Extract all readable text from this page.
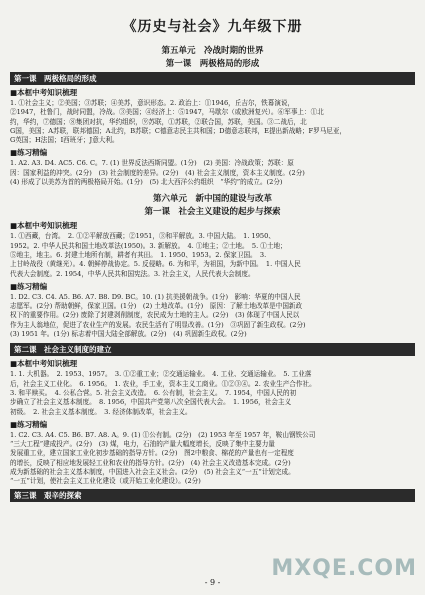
《历史与社会》九年级下册
第五单元　冷战时期的世界
第一课　两极格局的形成
第一课　两极格局的形成
■本框中考知识梳理

1. ①社会主义；②美国；③苏联；④美苏，意识形态。2. 政治上：①1946，丘吉尔，铁幕演说，

②1947，杜鲁门，战时同盟，冷战。③美国；④经济上：⑤1947，马歇尔（或欧洲复兴）。⑥军事上：①北

约，华约，⑦德国；⑧集团对抗，华约组织，⑨苏联，①苏联，②联合国，苏联，美国。③二战后，北

G国，美国；A苏联，联邦德国；A北约，B苏联；C德意志民主共和国；D德意志联邦，E提出新战略；F罗马尼亚，

G英国；H法国；I西班牙；J意大利。

■练习精编

1. A2. A3. D4. AC5. C6. C。7. (1) 世界反法西斯同盟。(1分)　(2) 美国：冷战政策；苏联：原

因：国家利益的冲突。(2分)　(3) 社会制度的差异。(2分)　(4) 社会主义制度，资本主义制度。(2分)

(4) 形成了以美苏为首的两极格局开始。(1分)　(5) 北大西洋公约组织　“华约”的成立。(2分)

第六单元　新中国的建设与改革
第一课　社会主义建设的起步与探索
■本框中考知识梳理

1. ①西藏，台湾。　2. ①②平解放西藏；②1951，③和平解放。3. 中国大陆。　1. 1950、

1952。2. 中华人民共和国土地改革法(1950)。3. 新解放。　4. ①地主；②土地。　5. ①土地；

⑤地主，地主。6. 封建土地所有制，耕者有其田。　1. 1950、1953。2. 保家卫国。　3.

上甘岭战役（黄继光）。4. 朝鲜停战协定。5. 反侵略。6. 为和平，为祖国，为新中国。　1. 中国人民

代表大会制度。2. 1954，中华人民共和国宪法。3. 社会主义，人民代表大会制度。

■练习精编

1. D2. C3. C4. A5. B6. A7. B8. D9. BC。10. (1) 抗美援朝战争。(1分)　影响：华夏的中国人民

志愿军。(2分) 帮助朝鲜，保家卫国。(1分)　(2) 土地改革。(1分)　原因：了解土地改革是中国新政

权下的重要作用。(2分) 废除了封建剥削制度，农民成为土地的主人。(2分)　(3) 体现了中国人民以

作为主人翁地位，促进了农业生产的发展。农民生活有了明显改善。(1分)　③巩固了新生政权。(2分)

(3) 1951 年。(1分) 标志着中国大陆全部解放。(2分)　(4) 巩固新生政权。(2分)

第二课　社会主义制度的建立
■本框中考知识梳理

1. 1. 大机器。　2. 1953、1957。　3. ①②重工业；②交通运输业。　4. 工业、交通运输业。　5. 工业落

后，社会主义工业化。　6. 1956。　1. 农业，手工业，资本主义工商业。①②③④。2. 农业生产合作社。

3. 和平赎买。　4. 公私合营。5. 社会主义改造。　6. 公有制，社会主义。　7. 1954，中国人民的初

步确立了社会主义基本制度。　8. 1956，中国共产党第八次全国代表大会。　1. 1956，社会主义

初级。　2. 社会主义基本制度。　3. 经济体制改革，社会主义。

■练习精编

1. C2. C3. A4. C5. B6. B7. A8. A。9. (1) ①公有制。(2分)　(2) 1953 年至 1957 年，鞍山钢铁公司

“三大工程”建成投产。(2分)　(3) 煤，电力，石油的产量大幅度增长，反映了集中主要力量

发展重工业，建立国家工业化初步基础的指导方针。(2分)　图2中粮食、棉花的产量也有一定程度

的增长，反映了相应地发展轻工业和农业的指导方针。(2分)　(4) 社会主义改造基本完成。(2分)

成为新基础的社会主义基本制度，中国进入社会主义社会。(2分)　(5) 社会主义“一五”计划完成。

“一五”计划，使社会主义工业化建设（或开始工业化建设）。(2分)

第三课　艰辛的探索
MXQE.COM
- 9 -
